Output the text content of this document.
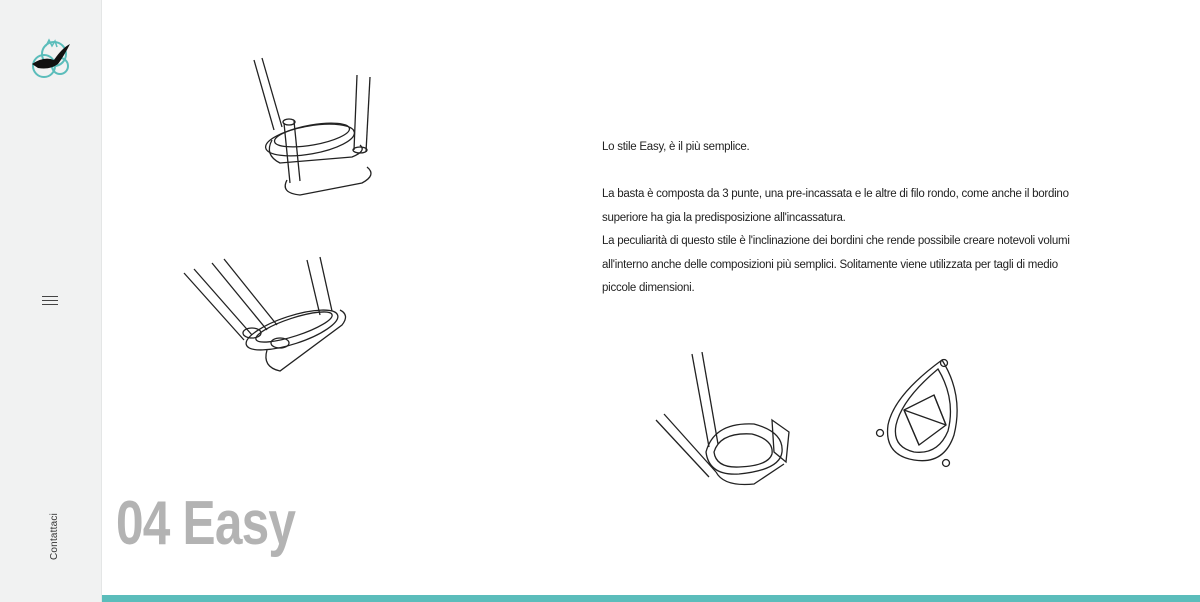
Contattaci

Lo stile Easy, è il più semplice.

La basta è composta da 3 punte, una pre-incassata e le altre di filo rondo, come anche il bordino superiore ha gia la predisposizione all'incassatura.

La peculiarità di questo stile è l'inclinazione dei bordini che rende possibile creare notevoli volumi all'interno anche delle composizioni più semplici. Solitamente viene utilizzata per tagli di medio piccole dimensioni.

04 Easy
